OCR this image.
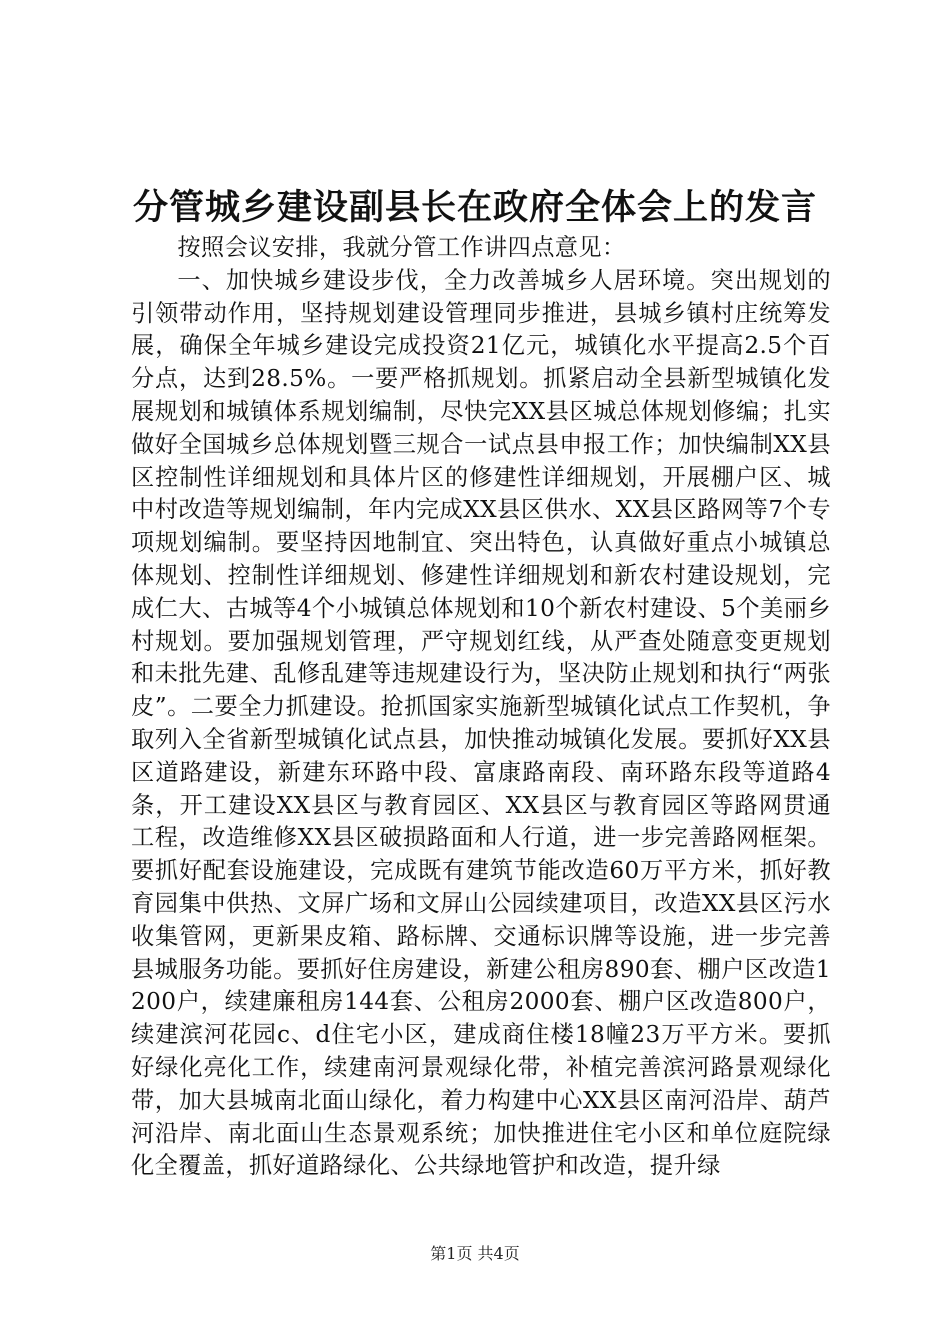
分管城乡建设副县长在政府全体会上的发言

按照会议安排，我就分管工作讲四点意见：

一、加快城乡建设步伐，全力改善城乡人居环境。突出规划的引领带动作用，坚持规划建设管理同步推进，县城乡镇村庄统筹发展，确保全年城乡建设完成投资21亿元，城镇化水平提高2.5个百分点，达到28.5%。一要严格抓规划。抓紧启动全县新型城镇化发展规划和城镇体系规划编制，尽快完XX县区城总体规划修编；扎实做好全国城乡总体规划暨三规合一试点县申报工作；加快编制XX县区控制性详细规划和具体片区的修建性详细规划，开展棚户区、城中村改造等规划编制，年内完成XX县区供水、XX县区路网等7个专项规划编制。要坚持因地制宜、突出特色，认真做好重点小城镇总体规划、控制性详细规划、修建性详细规划和新农村建设规划，完成仁大、古城等4个小城镇总体规划和10个新农村建设、5个美丽乡村规划。要加强规划管理，严守规划红线，从严查处随意变更规划和未批先建、乱修乱建等违规建设行为，坚决防止规划和执行“两张皮”。二要全力抓建设。抢抓国家实施新型城镇化试点工作契机，争取列入全省新型城镇化试点县，加快推动城镇化发展。要抓好XX县区道路建设，新建东环路中段、富康路南段、南环路东段等道路4条，开工建设XX县区与教育园区、XX县区与教育园区等路网贯通工程，改造维修XX县区破损路面和人行道，进一步完善路网框架。要抓好配套设施建设，完成既有建筑节能改造60万平方米，抓好教育园集中供热、文屏广场和文屏山公园续建项目，改造XX县区污水收集管网，更新果皮箱、路标牌、交通标识牌等设施，进一步完善县城服务功能。要抓好住房建设，新建公租房890套、棚户区改造1200户，续建廉租房144套、公租房2000套、棚户区改造800户，续建滨河花园c、d住宅小区，建成商住楼18幢23万平方米。要抓好绿化亮化工作，续建南河景观绿化带，补植完善滨河路景观绿化带，加大县城南北面山绿化，着力构建中心XX县区南河沿岸、葫芦河沿岸、南北面山生态景观系统；加快推进住宅小区和单位庭院绿化全覆盖，抓好道路绿化、公共绿地管护和改造，提升绿

第1页 共4页
